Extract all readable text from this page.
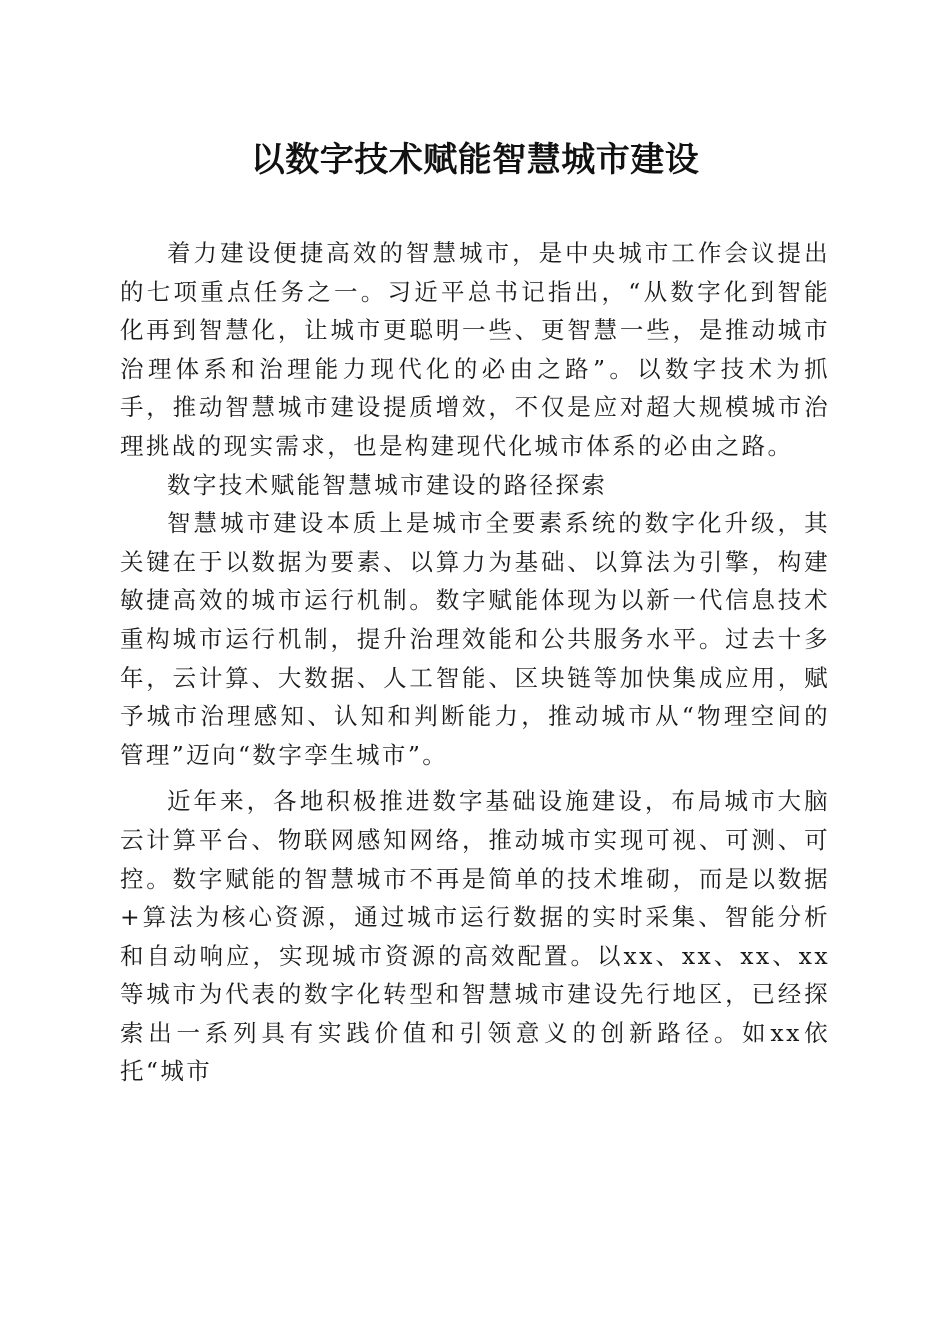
以数字技术赋能智慧城市建设

着力建设便捷高效的智慧城市，是中央城市工作会议提出的七项重点任务之一。习近平总书记指出，“从数字化到智能化再到智慧化，让城市更聪明一些、更智慧一些，是推动城市治理体系和治理能力现代化的必由之路”。以数字技术为抓手，推动智慧城市建设提质增效，不仅是应对超大规模城市治理挑战的现实需求，也是构建现代化城市体系的必由之路。

数字技术赋能智慧城市建设的路径探索

智慧城市建设本质上是城市全要素系统的数字化升级，其关键在于以数据为要素、以算力为基础、以算法为引擎，构建敏捷高效的城市运行机制。数字赋能体现为以新一代信息技术重构城市运行机制，提升治理效能和公共服务水平。过去十多年，云计算、大数据、人工智能、区块链等加快集成应用，赋予城市治理感知、认知和判断能力，推动城市从“物理空间的管理”迈向“数字孪生城市”。

近年来，各地积极推进数字基础设施建设，布局城市大脑云计算平台、物联网感知网络，推动城市实现可视、可测、可控。数字赋能的智慧城市不再是简单的技术堆砌，而是以数据+算法为核心资源，通过城市运行数据的实时采集、智能分析和自动响应，实现城市资源的高效配置。以xx、xx、xx、xx等城市为代表的数字化转型和智慧城市建设先行地区，已经探索出一系列具有实践价值和引领意义的创新路径。如xx依托“城市
